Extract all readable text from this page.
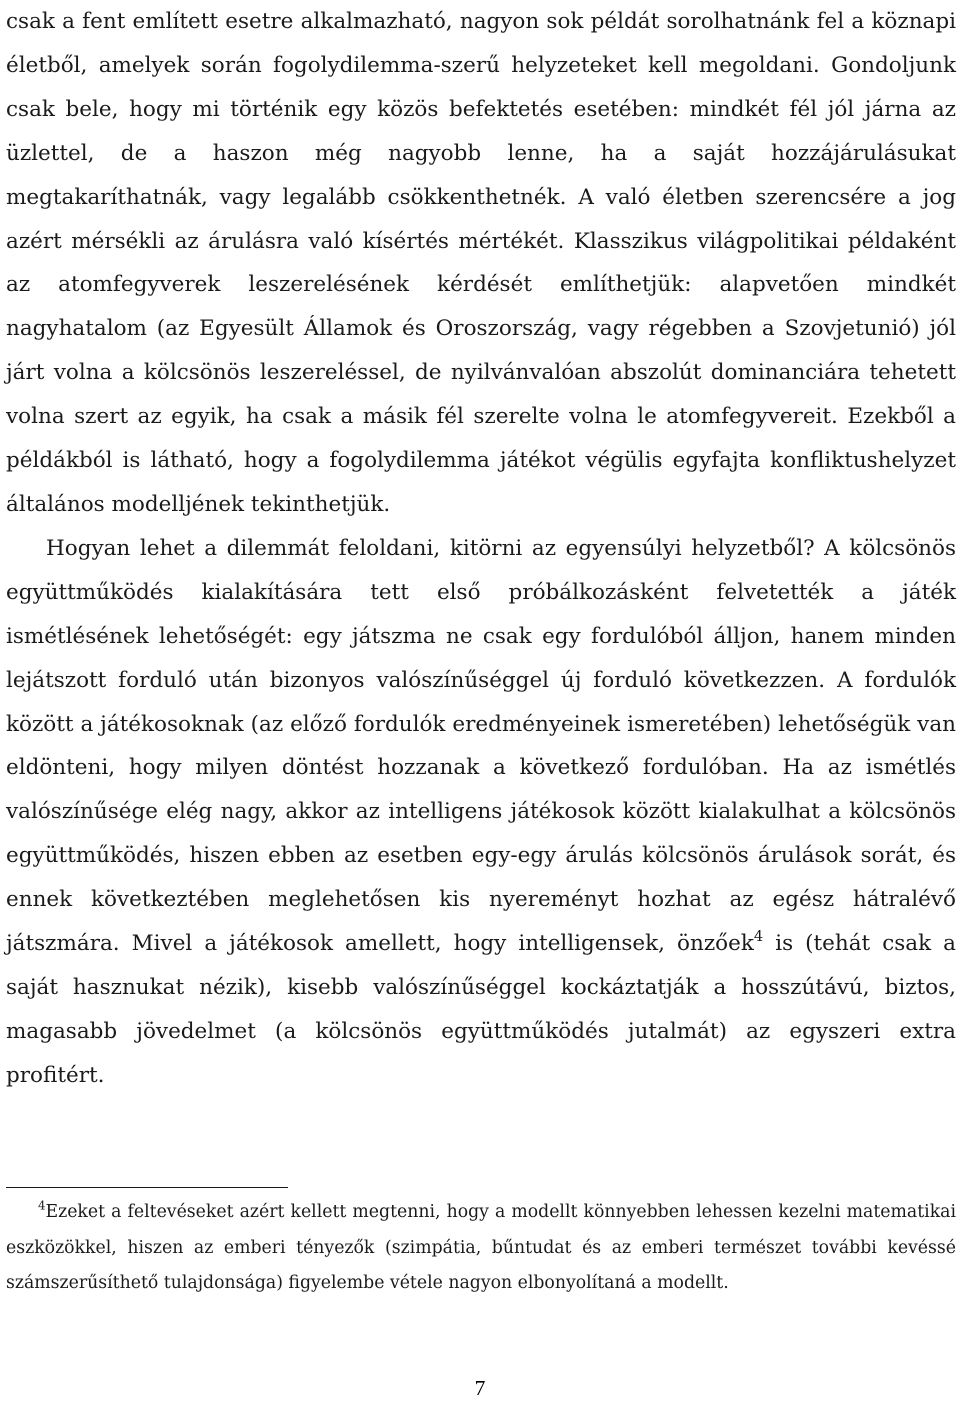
csak a fent említett esetre alkalmazható, nagyon sok példát sorolhatnánk fel a köznapi életből, amelyek során fogolydilemma-szerű helyzeteket kell megoldani. Gondoljunk csak bele, hogy mi történik egy közös befektetés esetében: mindkét fél jól járna az üzlettel, de a haszon még nagyobb lenne, ha a saját hozzájárulásukat megtakaríthatnák, vagy legalább csökkenthetnék. A való életben szerencsére a jog azért mérsékli az árulásra való kísértés mértékét. Klasszikus világpolitikai példaként az atomfegyverek leszerelésének kérdését említhetjük: alapvetően mindkét nagyhatalom (az Egyesült Államok és Oroszország, vagy régebben a Szovjetunió) jól járt volna a kölcsönös leszereléssel, de nyilvánvalóan abszolút dominanciára tehetett volna szert az egyik, ha csak a másik fél szerelte volna le atomfegyvereit. Ezekből a példákból is látható, hogy a fogolydilemma játékot végülis egyfajta konfliktushelyzet általános modelljének tekinthetjük.

Hogyan lehet a dilemmát feloldani, kitörni az egyensúlyi helyzetből? A kölcsönös együttműködés kialakítására tett első próbálkozásként felvetették a játék ismétlésének lehetőségét: egy játszma ne csak egy fordulóból álljon, hanem minden lejátszott forduló után bizonyos valószínűséggel új forduló következzen. A fordulók között a játékosoknak (az előző fordulók eredményeinek ismeretében) lehetőségük van eldönteni, hogy milyen döntést hozzanak a következő fordulóban. Ha az ismétlés valószínűsége elég nagy, akkor az intelligens játékosok között kialakulhat a kölcsönös együttműködés, hiszen ebben az esetben egy-egy árulás kölcsönös árulások sorát, és ennek következtében meglehetősen kis nyereményt hozhat az egész hátralévő játszmára. Mivel a játékosok amellett, hogy intelligensek, önzőek$^4$ is (tehát csak a saját hasznukat nézik), kisebb valószínűséggel kockáztatják a hosszútávú, biztos, magasabb jövedelmet (a kölcsönös együttműködés jutalmát) az egyszeri extra profitért.

$^4$Ezeket a feltevéseket azért kellett megtenni, hogy a modellt könnyebben lehessen kezelni matematikai eszközökkel, hiszen az emberi tényezők (szimpátia, bűntudat és az emberi természet további kevéssé számszerűsíthető tulajdonsága) figyelembe vétele nagyon elbonyolítaná a modellt.
7
